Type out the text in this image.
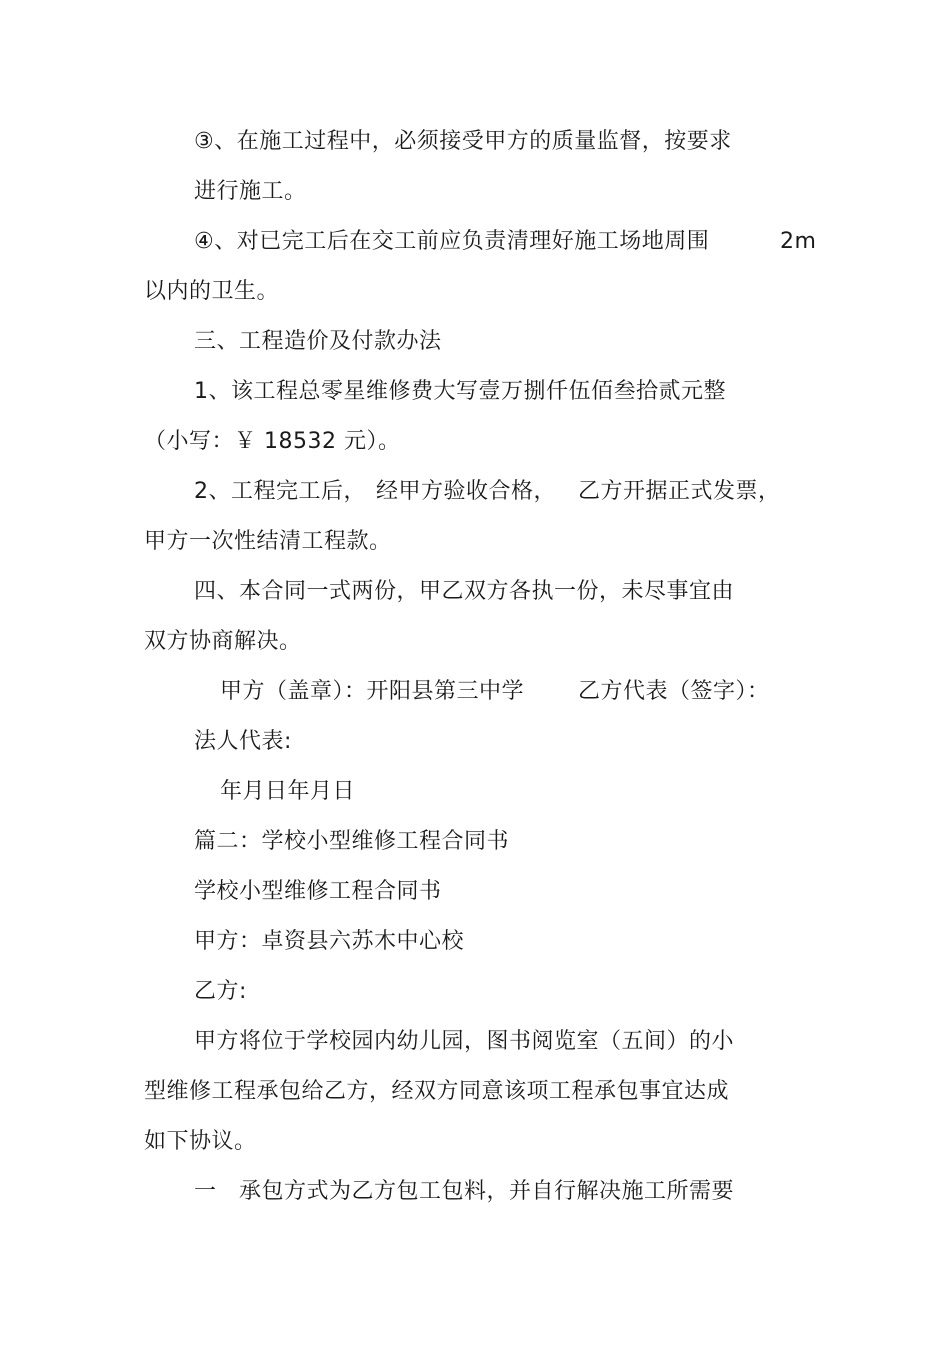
③、在施工过程中，必须接受甲方的质量监督，按要求
进行施工。
④、对已完工后在交工前应负责清理好施工场地周围	2m
以内的卫生。
三、工程造价及付款办法
1、该工程总零星维修费大写壹万捌仟伍佰叁拾贰元整
（小写：￥ 18532 元）。
2、工程完工后， 经甲方验收合格， 乙方开据正式发票，
甲方一次性结清工程款。
四、本合同一式两份，甲乙双方各执一份，未尽事宜由
双方协商解决。
甲方（盖章）：开阳县第三中学 乙方代表（签字）：
法人代表:
年月日年月日
篇二：学校小型维修工程合同书
学校小型维修工程合同书
甲方：卓资县六苏木中心校
乙方:
甲方将位于学校园内幼儿园，图书阅览室（五间）的小
型维修工程承包给乙方，经双方同意该项工程承包事宜达成
如下协议。
一   承包方式为乙方包工包料，并自行解决施工所需要
